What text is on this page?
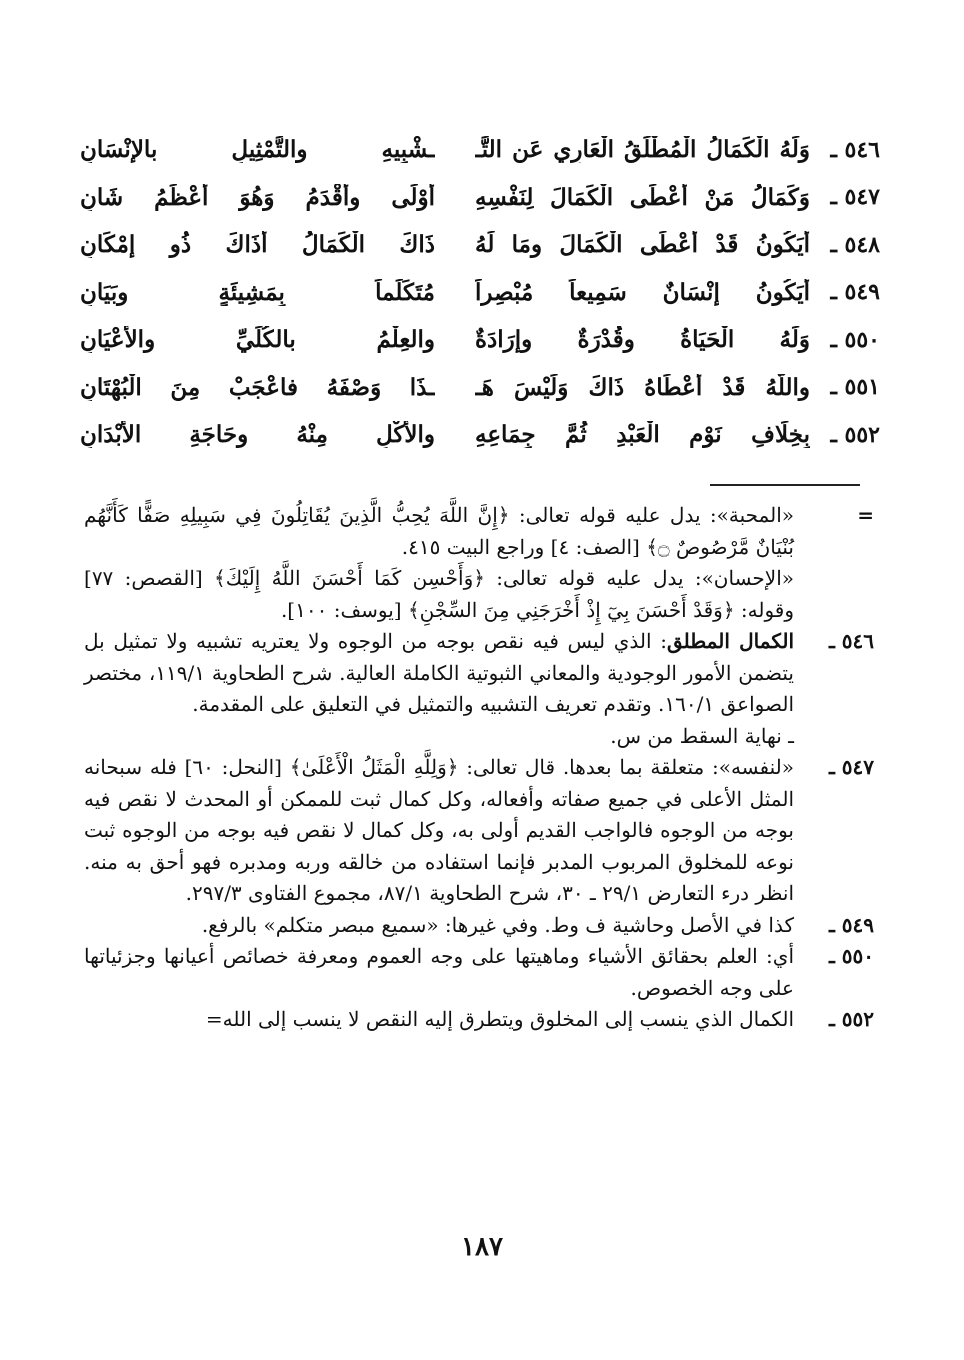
٥٤٦ ـ
وَلَهُ الْكَمَالُ الْمُطْلَقُ الْعَارِي عَنِ التَّـ
ـشْبِيهِ والتَّمْثِيلِ بالإِنْسَانِ
٥٤٧ ـ
وَكَمَالُ مَنْ أَعْطَى الْكَمَالَ لِنَفْسِهِ
أَوْلَى وأَقْدَمُ وَهُوَ أَعْظَمُ شَانِ
٥٤٨ ـ
أَيَكُونُ قَدْ أَعْطَى الْكَمَالَ ومَا لَهُ
ذَاكَ الْكَمَالُ أَذَاكَ ذُو إِمْكَانِ
٥٤٩ ـ
أَيَكُونُ إِنْسَانٌ سَمِيعاً مُبْصِراً
مُتَكَلِّماً بِمَشِيئَةٍ وبَيَانِ
٥٥٠ ـ
وَلَهُ الْحَيَاةُ وقُدْرَةٌ وإِرَادَةٌ
والعِلْمُ بالكُلِّيِّ والأَعْيَانِ
٥٥١ ـ
واللَّهُ قَدْ أَعْطَاهُ ذَاكَ وَلَيْسَ هَـ
ـذَا وَصْفَهُ فاعْجَبْ مِنَ الْبُهْتَانِ
٥٥٢ ـ
بِخِلَافِ نَوْمِ الْعَبْدِ ثُمَّ جِمَاعِهِ
والأَكْلِ مِنْهُ وحَاجَةِ الأَبْدَانِ
=

«المحبة»: يدل عليه قوله تعالى: ﴿إِنَّ اللَّهَ يُحِبُّ الَّذِينَ يُقَاتِلُونَ فِي سَبِيلِهِ صَفًّا كَأَنَّهُم بُنْيَانٌ مَّرْصُوصٌ ۝﴾ [الصف: ٤] وراجع البيت ٤١٥.

«الإحسان»: يدل عليه قوله تعالى: ﴿وَأَحْسِن كَمَا أَحْسَنَ اللَّهُ إِلَيْكَ﴾ [القصص: ٧٧] وقوله: ﴿وَقَدْ أَحْسَنَ بِيٓ إِذْ أَخْرَجَنِي مِنَ السِّجْنِ﴾ [يوسف: ١٠٠].

٥٤٦ ـ

الكمال المطلق: الذي ليس فيه نقص بوجه من الوجوه ولا يعتريه تشبيه ولا تمثيل بل يتضمن الأمور الوجودية والمعاني الثبوتية الكاملة العالية. شرح الطحاوية ١١٩/١، مختصر الصواعق ١٦٠/١. وتقدم تعريف التشبيه والتمثيل في التعليق على المقدمة.

ـ نهاية السقط من س.

٥٤٧ ـ

«لنفسه»: متعلقة بما بعدها. قال تعالى: ﴿وَلِلَّهِ الْمَثَلُ الْأَعْلَىٰ﴾ [النحل: ٦٠] فله سبحانه المثل الأعلى في جميع صفاته وأفعاله، وكل كمال ثبت للممكن أو المحدث لا نقص فيه بوجه من الوجوه فالواجب القديم أولى به، وكل كمال لا نقص فيه بوجه من الوجوه ثبت نوعه للمخلوق المربوب المدبر فإنما استفاده من خالقه وربه ومدبره فهو أحق به منه. انظر درء التعارض ٢٩/١ ـ ٣٠، شرح الطحاوية ٨٧/١، مجموع الفتاوى ٢٩٧/٣.

٥٤٩ ـ

كذا في الأصل وحاشية ف وط. وفي غيرها: «سميع مبصر متكلم» بالرفع.

٥٥٠ ـ

أي: العلم بحقائق الأشياء وماهيتها على وجه العموم ومعرفة خصائص أعيانها وجزئياتها على وجه الخصوص.

٥٥٢ ـ

الكمال الذي ينسب إلى المخلوق ويتطرق إليه النقص لا ينسب إلى الله=

١٨٧
